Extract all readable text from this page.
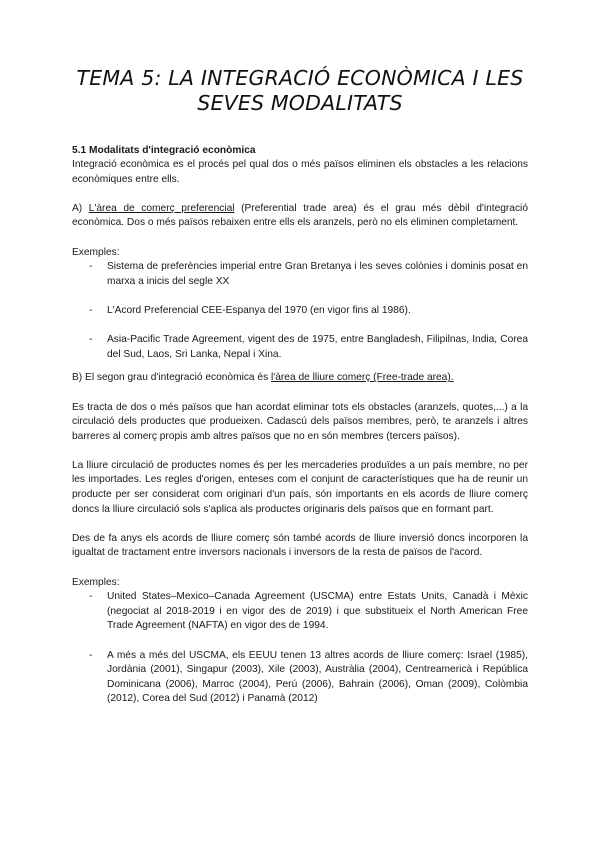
TEMA 5: LA INTEGRACIÓ ECONÒMICA I LES
SEVES MODALITATS
5.1 Modalitats d'integració econòmica

Integració econòmica es el procés pel qual dos o més països eliminen els obstacles a les relacions econòmiques entre ells.

A) L'àrea de comerç preferencial (Preferential trade area) és el grau més dèbil d'integració econòmica. Dos o més països rebaixen entre ells els aranzels, però no els eliminen completament.

Exemples:

- Sistema de preferències imperial entre Gran Bretanya i les seves colònies i dominis posat en marxa a inicis del segle XX
- L'Acord Preferencial CEE-Espanya del 1970 (en vigor fins al 1986).
- Asia-Pacific Trade Agreement, vigent des de 1975, entre Bangladesh, Filipilnas, India, Corea del Sud, Laos, Sri Lanka, Nepal i Xina.

B) El segon grau d'integració econòmica és l'àrea de lliure comerç (Free-trade area).

Es tracta de dos o més països que han acordat eliminar tots els obstacles (aranzels, quotes,...) a la circulació dels productes que produeixen. Cadascú dels països membres, però, te aranzels i altres barreres al comerç propis amb altres països que no en són membres (tercers països).

La lliure circulació de productes nomes és per les mercaderies produïdes a un país membre, no per les importades. Les regles d'origen, enteses com el conjunt de característiques que ha de reunir un producte per ser considerat com originari d'un país, són importants en els acords de lliure comerç doncs la lliure circulació sols s'aplica als productes originaris dels països que en formant part.

Des de fa anys els acords de lliure comerç són també acords de lliure inversió doncs incorporen la igualtat de tractament entre inversors nacionals i inversors de la resta de països de l'acord.

Exemples:

- United States–Mexico–Canada Agreement (USCMA) entre Estats Units, Canadà i Mèxic (negociat al 2018-2019 i en vigor des de 2019) i que substitueix el North American Free Trade Agreement (NAFTA) en vigor des de 1994.
- A més a més del USCMA, els EEUU tenen 13 altres acords de lliure comerç: Israel (1985), Jordània (2001), Singapur (2003), Xile (2003), Austràlia (2004), Centreamericà i República Dominicana (2006), Marroc (2004), Perú (2006), Bahrain (2006), Oman (2009), Colòmbia (2012), Corea del Sud (2012) i Panamà (2012)
